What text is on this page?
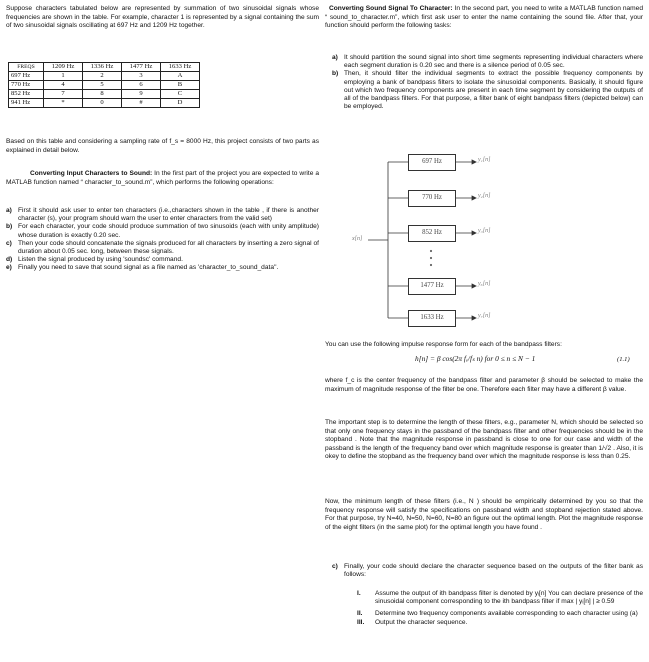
Suppose characters tabulated below are represented by summation of two sinusoidal signals whose frequencies are shown in the table. For example, character 1 is represented by a signal containing the sum of two sinusoidal signals oscillating at 697 Hz and 1209 Hz together.

FREQS	1209 Hz	1336 Hz	1477 Hz	1633 Hz
697 Hz	1	2	3	A
770 Hz	4	5	6	B
852 Hz	7	8	9	C
941 Hz	*	0	#	D

Based on this table and considering a sampling rate of f_s = 8000 Hz, this project consists of two parts as explained in detail below.

Converting Input Characters to Sound: In the first part of the project you are expected to write a MATLAB function named “ character_to_sound.m”, which performs the following operations:

a) First it should ask user to enter ten characters (i.e.,characters shown in the table , if there is another character (s), your program should warn the user to enter characters from the valid set)
b) For each character, your code should produce summation of two sinusoids (each with unity amplitude) whose duration is exactly 0.20 sec.
c) Then your code should concatenate the signals produced for all characters by inserting a zero signal of duration about 0.05 sec. long, between these signals.
d) Listen the signal produced by using 'soundsc' command.
e) Finally you need to save that sound signal as a file named as 'character_to_sound_data''.

Converting Sound Signal To Character: In the second part, you need to write a MATLAB function named “ sound_to_character.m”, which first ask user to enter the name containing the sound file. After that, your function should perform the following tasks:

a) It should partition the sound signal into short time segments representing individual characters where each segment duration is 0.20 sec and there is a silence period of 0.05 sec.
b) Then, it should filter the individual segments to extract the possible frequency components by employing a bank of bandpass filters to isolate the sinusoidal components. Basically, it should figure out which two frequency components are present in each time segment by considering the outputs of all of the bandpass filters. For that purpose, a filter bank of eight bandpass filters (depicted below) can be employed.
x[n]
697 Hz
770 Hz
852 Hz
1477 Hz
1633 Hz
y₁[n]
y₂[n]
y₃[n]
y₆[n]
y₇[n]

You can use the following impulse response form for each of the bandpass filters:

h[n] = β cos(2π fₑ/fₛ n) for 0 ≤ n ≤ N − 1	(1.1)

where f_c is the center frequency of the bandpass filter and parameter β should be selected to make the maximum of magnitude response of the filter be one. Therefore each filter may have a different β value.

The important step is to determine the length of these filters, e.g., parameter N, which should be selected so that only one frequency stays in the passband of the bandpass filter and other frequencies should be in the stopband . Note that the magnitude response in passband is close to one for our case and width of the passband is the length of the frequency band over which magnitude response is greater than 1/√2 . Also, it is okey to define the stopband as the frequency band over which the magnitude response is less than 0.25.

Now, the minimum length of these filters (i.e., N ) should be empirically determined by you so that the frequency response will satisfy the specifications on passband width and stopband rejection stated above. For that purpose, try N=40, N=50, N=60, N=80 an figure out the optimal length. Plot the magnitude response of the eight filters (in the same plot) for the optimal length you have found .

c) Finally, your code should declare the character sequence based on the outputs of the filter bank as follows:
I. Assume the output of ith bandpass filter is denoted by yᵢ[n] You can declare presence of the sinusoidal component corresponding to the ith bandpass filter if max | yᵢ[n] | ≥ 0.59
II. Determine two frequency components available corresponding to each character using (a)
III. Output the character sequence.
